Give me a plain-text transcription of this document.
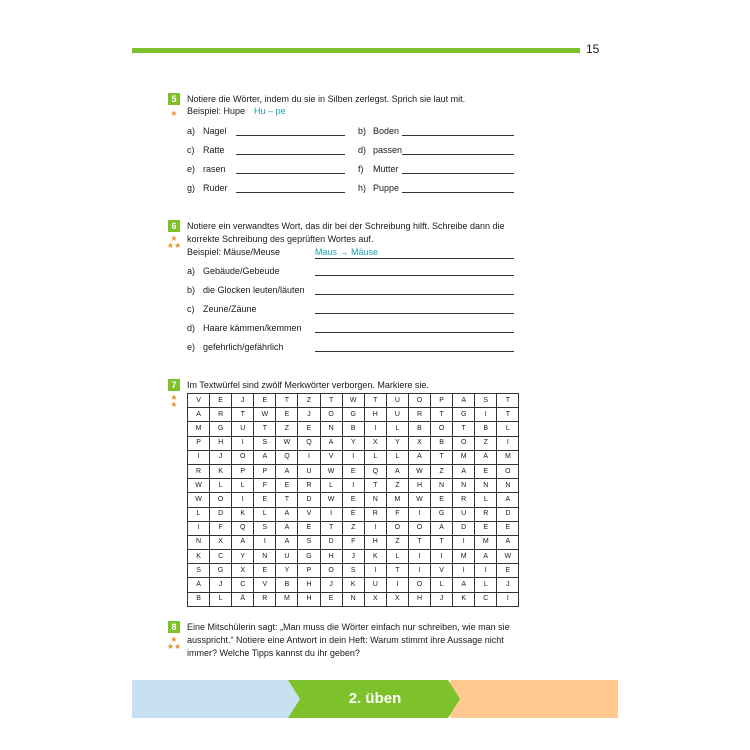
15
5
★
Notiere die Wörter, indem du sie in Silben zerlegst. Sprich sie laut mit.
Beispiel: Hupe Hu – pe
a) Nagel	b) Boden
c) Ratte	d) passen
e) rasen	f) Mutter
g) Ruder	h) Puppe
6
★
★★
Notiere ein verwandtes Wort, das dir bei der Schreibung hilft. Schreibe dann die
korrekte Schreibung des geprüften Wortes auf.
Beispiel: Mäuse/Meuse	Maus → Mäuse
a) Gebäude/Gebeude
b) die Glocken leuten/läuten
c) Zeune/Zäune
d) Haare kämmen/kemmen
e) gefehrlich/gefährlich
7
★
★
Im Textwürfel sind zwölf Merkwörter verborgen. Markiere sie.
V	E	J	E	T	Z	T	W	T	U	O	P	A	S	T
A	R	T	W	E	J	O	G	H	U	R	T	G	I	T
M	G	U	T	Z	E	N	B	I	L	B	O	T	B	L
P	H	I	S	W	Q	A	Y	X	Y	X	B	O	Z	I
I	J	O	A	Q	I	V	I	L	L	A	T	M	A	M
R	K	P	P	A	U	W	E	Q	A	W	Z	A	E	O
W	L	L	F	E	R	L	I	T	Z	H	N	N	N	N
W	O	I	E	T	D	W	E	N	M	W	E	R	L	A
L	D	K	L	A	V	I	E	R	F	I	G	U	R	D
I	F	Q	S	A	E	T	Z	I	O	O	A	D	E	E
N	X	A	I	A	S	D	F	H	Z	T	T	I	M	A
K	C	Y	N	U	G	H	J	K	L	I	I	M	A	W
S	G	X	E	Y	P	O	S	I	T	I	V	I	I	E
A	J	C	V	B	H	J	K	U	I	O	L	A	L	J
B	L	Ä	R	M	H	E	N	X	X	H	J	K	C	I
8
★
★★
Eine Mitschülerin sagt: „Man muss die Wörter einfach nur schreiben, wie man sie
ausspricht.“ Notiere eine Antwort in dein Heft: Warum stimmt ihre Aussage nicht
immer? Welche Tipps kannst du ihr geben?
2. üben
